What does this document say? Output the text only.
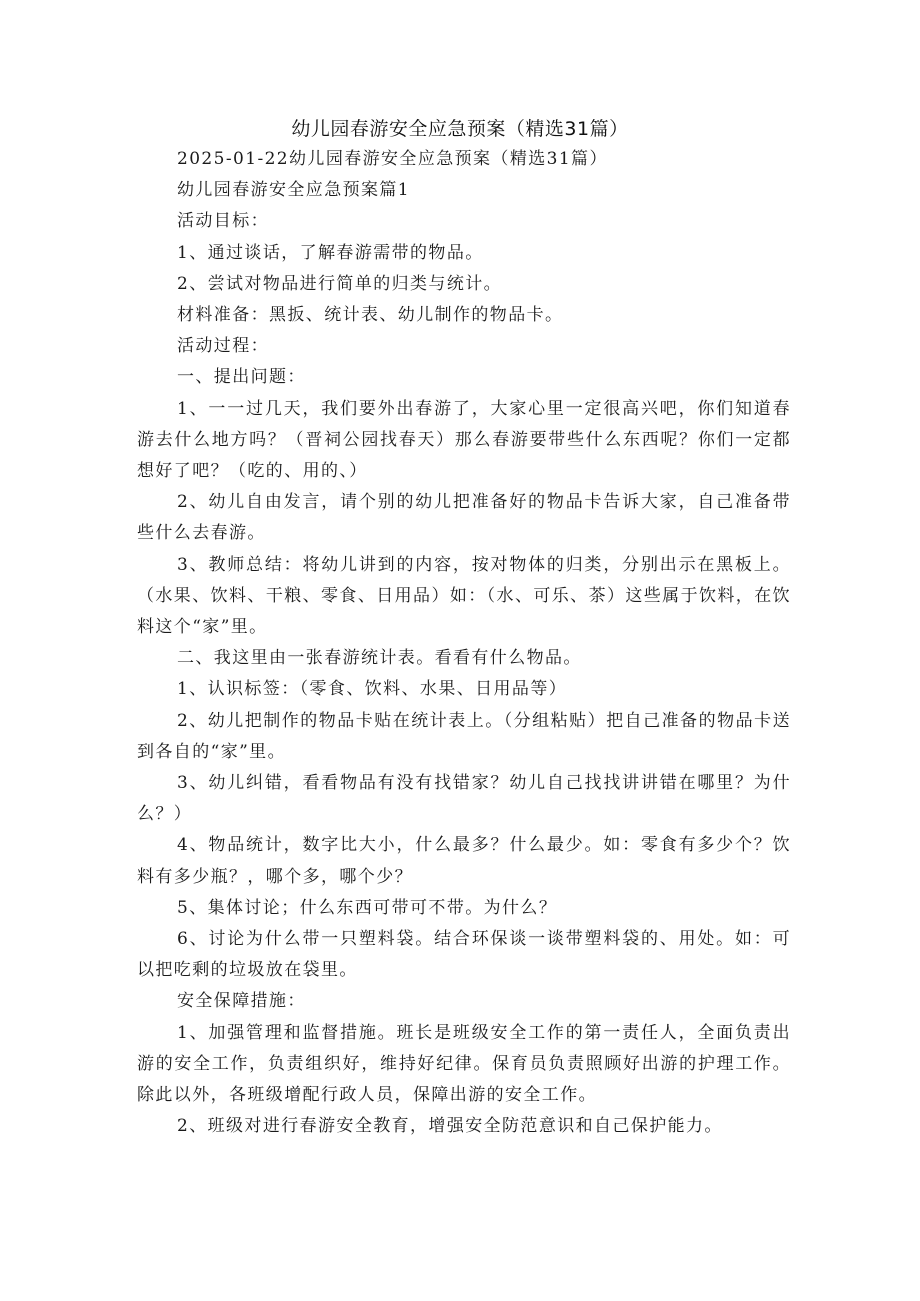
幼儿园春游安全应急预案（精选31篇）

2025-01-22幼儿园春游安全应急预案（精选31篇）

幼儿园春游安全应急预案篇1

活动目标：

1、通过谈话，了解春游需带的物品。

2、尝试对物品进行简单的归类与统计。

材料准备：黑扳、统计表、幼儿制作的物品卡。

活动过程：

一、提出问题：

1、一一过几天，我们要外出春游了，大家心里一定很高兴吧，你们知道春游去什么地方吗？（晋祠公园找春天）那么春游要带些什么东西呢？你们一定都想好了吧？（吃的、用的、）

2、幼儿自由发言，请个别的幼儿把准备好的物品卡告诉大家，自己准备带些什么去春游。

3、教师总结：将幼儿讲到的内容，按对物体的归类，分别出示在黑板上。（水果、饮料、干粮、零食、日用品）如：（水、可乐、茶）这些属于饮料，在饮料这个“家”里。

二、我这里由一张春游统计表。看看有什么物品。

1、认识标签：（零食、饮料、水果、日用品等）

2、幼儿把制作的物品卡贴在统计表上。（分组粘贴）把自己准备的物品卡送到各自的“家”里。

3、幼儿纠错，看看物品有没有找错家？幼儿自己找找讲讲错在哪里？为什么？）

4、物品统计，数字比大小，什么最多？什么最少。如：零食有多少个？饮料有多少瓶？，哪个多，哪个少？

5、集体讨论；什么东西可带可不带。为什么？

6、讨论为什么带一只塑料袋。结合环保谈一谈带塑料袋的、用处。如：可以把吃剩的垃圾放在袋里。

安全保障措施：

1、加强管理和监督措施。班长是班级安全工作的第一责任人，全面负责出游的安全工作，负责组织好，维持好纪律。保育员负责照顾好出游的护理工作。除此以外，各班级增配行政人员，保障出游的安全工作。

2、班级对进行春游安全教育，增强安全防范意识和自己保护能力。
